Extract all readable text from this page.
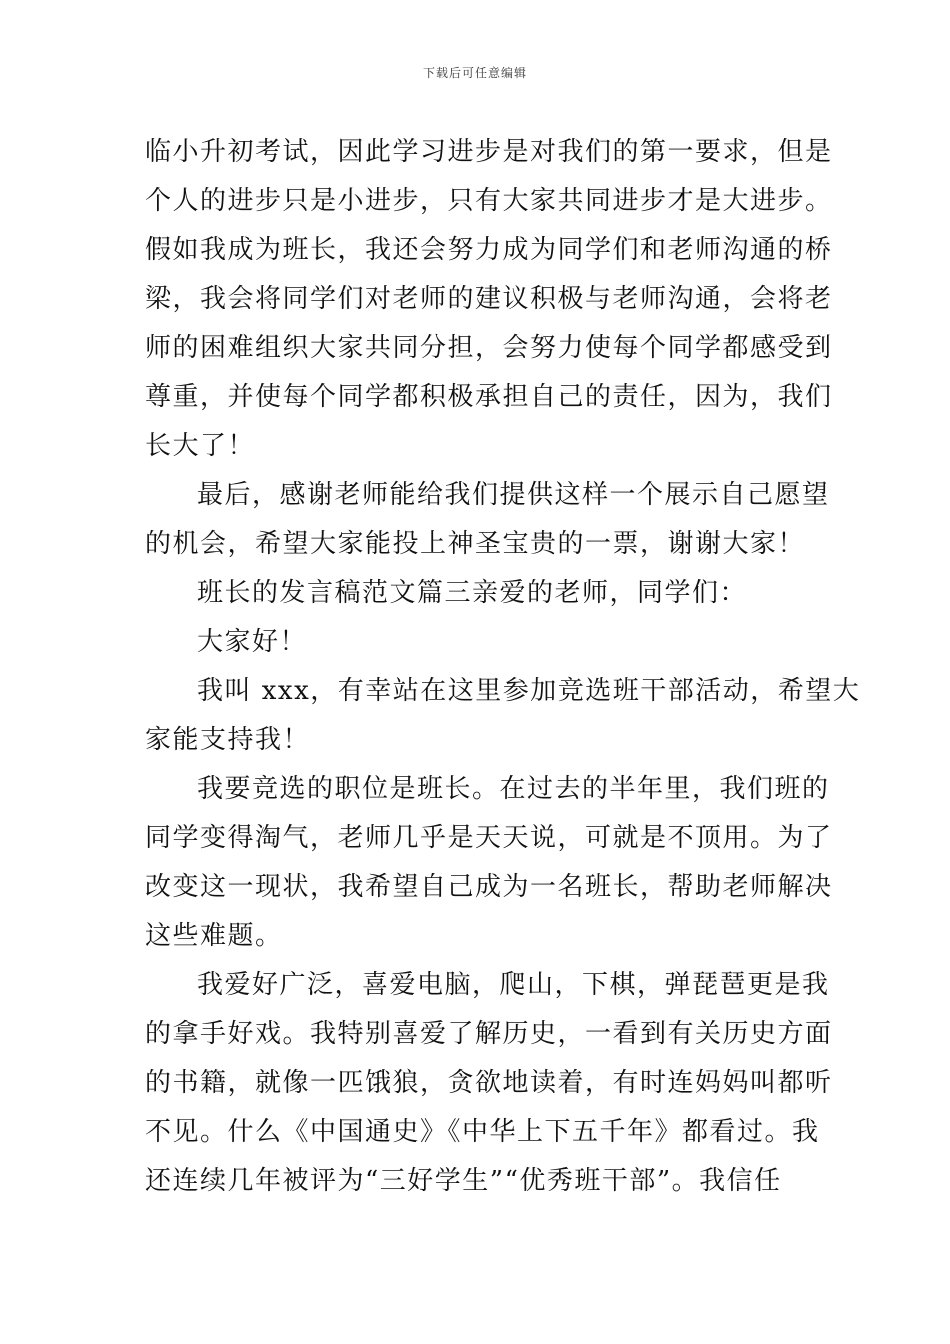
下载后可任意编辑
临小升初考试，因此学习进步是对我们的第一要求，但是
个人的进步只是小进步，只有大家共同进步才是大进步。
假如我成为班长，我还会努力成为同学们和老师沟通的桥
梁，我会将同学们对老师的建议积极与老师沟通，会将老
师的困难组织大家共同分担，会努力使每个同学都感受到
尊重，并使每个同学都积极承担自己的责任，因为，我们
长大了！
最后，感谢老师能给我们提供这样一个展示自己愿望
的机会，希望大家能投上神圣宝贵的一票，谢谢大家！
班长的发言稿范文篇三亲爱的老师，同学们：
大家好！
我叫 xxx，有幸站在这里参加竞选班干部活动，希望大
家能支持我！
我要竞选的职位是班长。在过去的半年里，我们班的
同学变得淘气，老师几乎是天天说，可就是不顶用。为了
改变这一现状，我希望自己成为一名班长，帮助老师解决
这些难题。
我爱好广泛，喜爱电脑，爬山，下棋，弹琵琶更是我
的拿手好戏。我特别喜爱了解历史，一看到有关历史方面
的书籍，就像一匹饿狼，贪欲地读着，有时连妈妈叫都听
不见。什么《中国通史》《中华上下五千年》都看过。我
还连续几年被评为“三好学生”“优秀班干部”。我信任
